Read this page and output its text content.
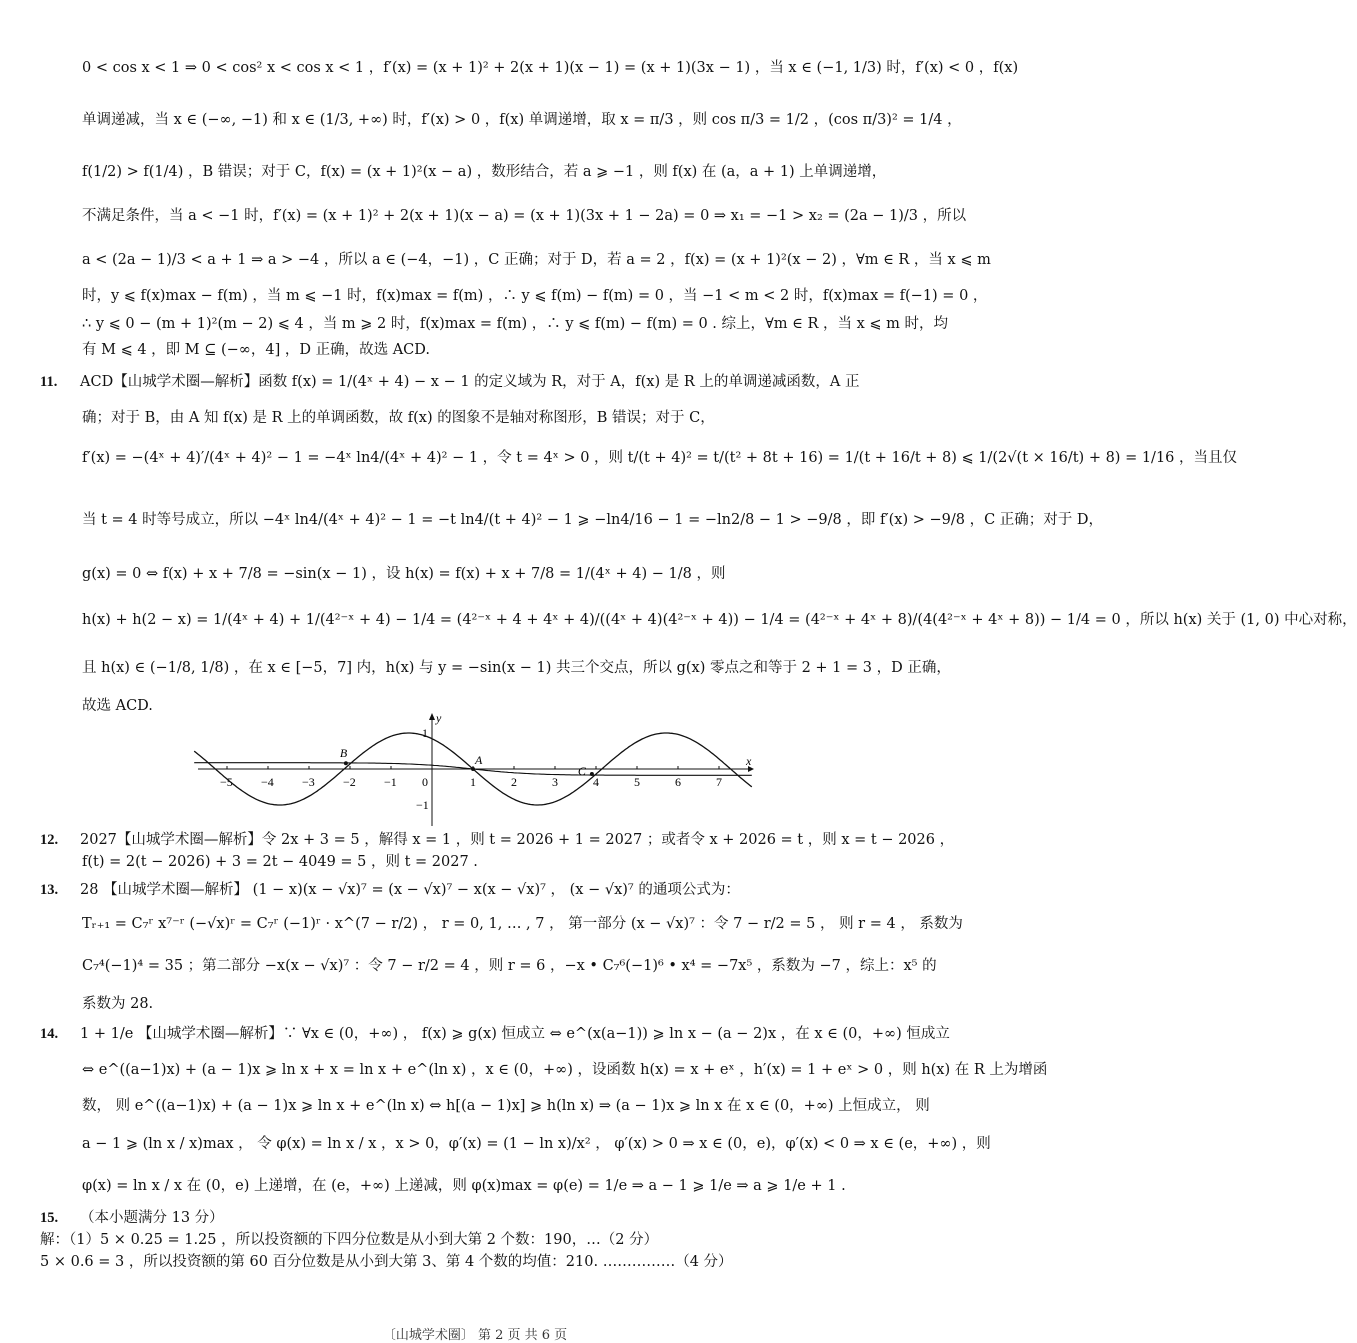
0 < cos x < 1 ⇒ 0 < cos² x < cos x < 1 ，f′(x) = (x + 1)² + 2(x + 1)(x − 1) = (x + 1)(3x − 1) ，当 x ∈ (−1, 1/3) 时，f′(x) < 0 ，f(x)
单调递减，当 x ∈ (−∞, −1) 和 x ∈ (1/3, +∞) 时，f′(x) > 0 ，f(x) 单调递增，取 x = π/3 ，则 cos π/3 = 1/2 ，(cos π/3)² = 1/4 ，
f(1/2) > f(1/4) ，B 错误；对于 C，f(x) = (x + 1)²(x − a) ，数形结合，若 a ⩾ −1 ，则 f(x) 在 (a，a + 1) 上单调递增，
不满足条件，当 a < −1 时，f′(x) = (x + 1)² + 2(x + 1)(x − a) = (x + 1)(3x + 1 − 2a) = 0 ⇒ x₁ = −1 > x₂ = (2a − 1)/3 ，所以
a < (2a − 1)/3 < a + 1 ⇒ a > −4 ，所以 a ∈ (−4，−1) ，C 正确；对于 D，若 a = 2 ，f(x) = (x + 1)²(x − 2) ，∀m ∈ R ，当 x ⩽ m
时，y ⩽ f(x)max − f(m) ，当 m ⩽ −1 时，f(x)max = f(m) ，∴ y ⩽ f(m) − f(m) = 0 ，当 −1 < m < 2 时，f(x)max = f(−1) = 0 ，
∴ y ⩽ 0 − (m + 1)²(m − 2) ⩽ 4 ，当 m ⩾ 2 时，f(x)max = f(m) ，∴ y ⩽ f(m) − f(m) = 0 . 综上，∀m ∈ R ，当 x ⩽ m 时，均
有 M ⩽ 4 ，即 M ⊆ (−∞，4] ，D 正确，故选 ACD.
11. ACD【山城学术圈—解析】函数 f(x) = 1/(4ˣ + 4) − x − 1 的定义域为 R，对于 A，f(x) 是 R 上的单调递减函数，A 正
确；对于 B，由 A 知 f(x) 是 R 上的单调函数，故 f(x) 的图象不是轴对称图形，B 错误；对于 C，
f′(x) = −(4ˣ + 4)′/(4ˣ + 4)² − 1 = −4ˣ ln4/(4ˣ + 4)² − 1 ，令 t = 4ˣ > 0 ，则 t/(t + 4)² = t/(t² + 8t + 16) = 1/(t + 16/t + 8) ⩽ 1/(2√(t × 16/t) + 8) = 1/16 ，当且仅
当 t = 4 时等号成立，所以 −4ˣ ln4/(4ˣ + 4)² − 1 = −t ln4/(t + 4)² − 1 ⩾ −ln4/16 − 1 = −ln2/8 − 1 > −9/8 ，即 f′(x) > −9/8 ，C 正确；对于 D，
g(x) = 0 ⇔ f(x) + x + 7/8 = −sin(x − 1) ，设 h(x) = f(x) + x + 7/8 = 1/(4ˣ + 4) − 1/8 ，则
h(x) + h(2 − x) = 1/(4ˣ + 4) + 1/(4²⁻ˣ + 4) − 1/4 = (4²⁻ˣ + 4 + 4ˣ + 4)/((4ˣ + 4)(4²⁻ˣ + 4)) − 1/4 = (4²⁻ˣ + 4ˣ + 8)/(4(4²⁻ˣ + 4ˣ + 8)) − 1/4 = 0 ，所以 h(x) 关于 (1, 0) 中心对称，
且 h(x) ∈ (−1/8, 1/8) ，在 x ∈ [−5，7] 内，h(x) 与 y = −sin(x − 1) 共三个交点，所以 g(x) 零点之和等于 2 + 1 = 3 ，D 正确，
故选 ACD.
x
y
−5 −4 −3 −2 −1 0	1	2	3	4	5	6	7
1
−1
A
B
C
12. 2027【山城学术圈—解析】令 2x + 3 = 5 ，解得 x = 1 ，则 t = 2026 + 1 = 2027 ；或者令 x + 2026 = t ，则 x = t − 2026 ，
f(t) = 2(t − 2026) + 3 = 2t − 4049 = 5 ，则 t = 2027 .
13. 28 【山城学术圈—解析】 (1 − x)(x − √x)⁷ = (x − √x)⁷ − x(x − √x)⁷ ， (x − √x)⁷ 的通项公式为：
Tᵣ₊₁ = C₇ʳ x⁷⁻ʳ (−√x)ʳ = C₇ʳ (−1)ʳ · x^(7 − r/2) ， r = 0, 1, … , 7 ， 第一部分 (x − √x)⁷ ：令 7 − r/2 = 5 ， 则 r = 4 ， 系数为
C₇⁴(−1)⁴ = 35 ；第二部分 −x(x − √x)⁷ ：令 7 − r/2 = 4 ，则 r = 6 ，−x • C₇⁶(−1)⁶ • x⁴ = −7x⁵ ，系数为 −7 ，综上：x⁵ 的
系数为 28.
14. 1 + 1/e 【山城学术圈—解析】∵ ∀x ∈ (0，+∞) ， f(x) ⩾ g(x) 恒成立 ⇔ e^(x(a−1)) ⩾ ln x − (a − 2)x ，在 x ∈ (0，+∞) 恒成立
⇔ e^((a−1)x) + (a − 1)x ⩾ ln x + x = ln x + e^(ln x) ，x ∈ (0，+∞) ，设函数 h(x) = x + eˣ ，h′(x) = 1 + eˣ > 0 ，则 h(x) 在 R 上为增函
数， 则 e^((a−1)x) + (a − 1)x ⩾ ln x + e^(ln x) ⇔ h[(a − 1)x] ⩾ h(ln x) ⇒ (a − 1)x ⩾ ln x 在 x ∈ (0，+∞) 上恒成立， 则
a − 1 ⩾ (ln x / x)max ， 令 φ(x) = ln x / x ，x > 0，φ′(x) = (1 − ln x)/x² ， φ′(x) > 0 ⇒ x ∈ (0，e)，φ′(x) < 0 ⇒ x ∈ (e，+∞) ，则
φ(x) = ln x / x 在 (0，e) 上递增，在 (e，+∞) 上递减，则 φ(x)max = φ(e) = 1/e ⇒ a − 1 ⩾ 1/e ⇒ a ⩾ 1/e + 1 .
15. （本小题满分 13 分）
解：（1）5 × 0.25 = 1.25 ，所以投资额的下四分位数是从小到大第 2 个数：190，…（2 分）
5 × 0.6 = 3 ，所以投资额的第 60 百分位数是从小到大第 3、第 4 个数的均值：210. ……………（4 分）
〔山城学术圈〕 第 2 页 共 6 页
